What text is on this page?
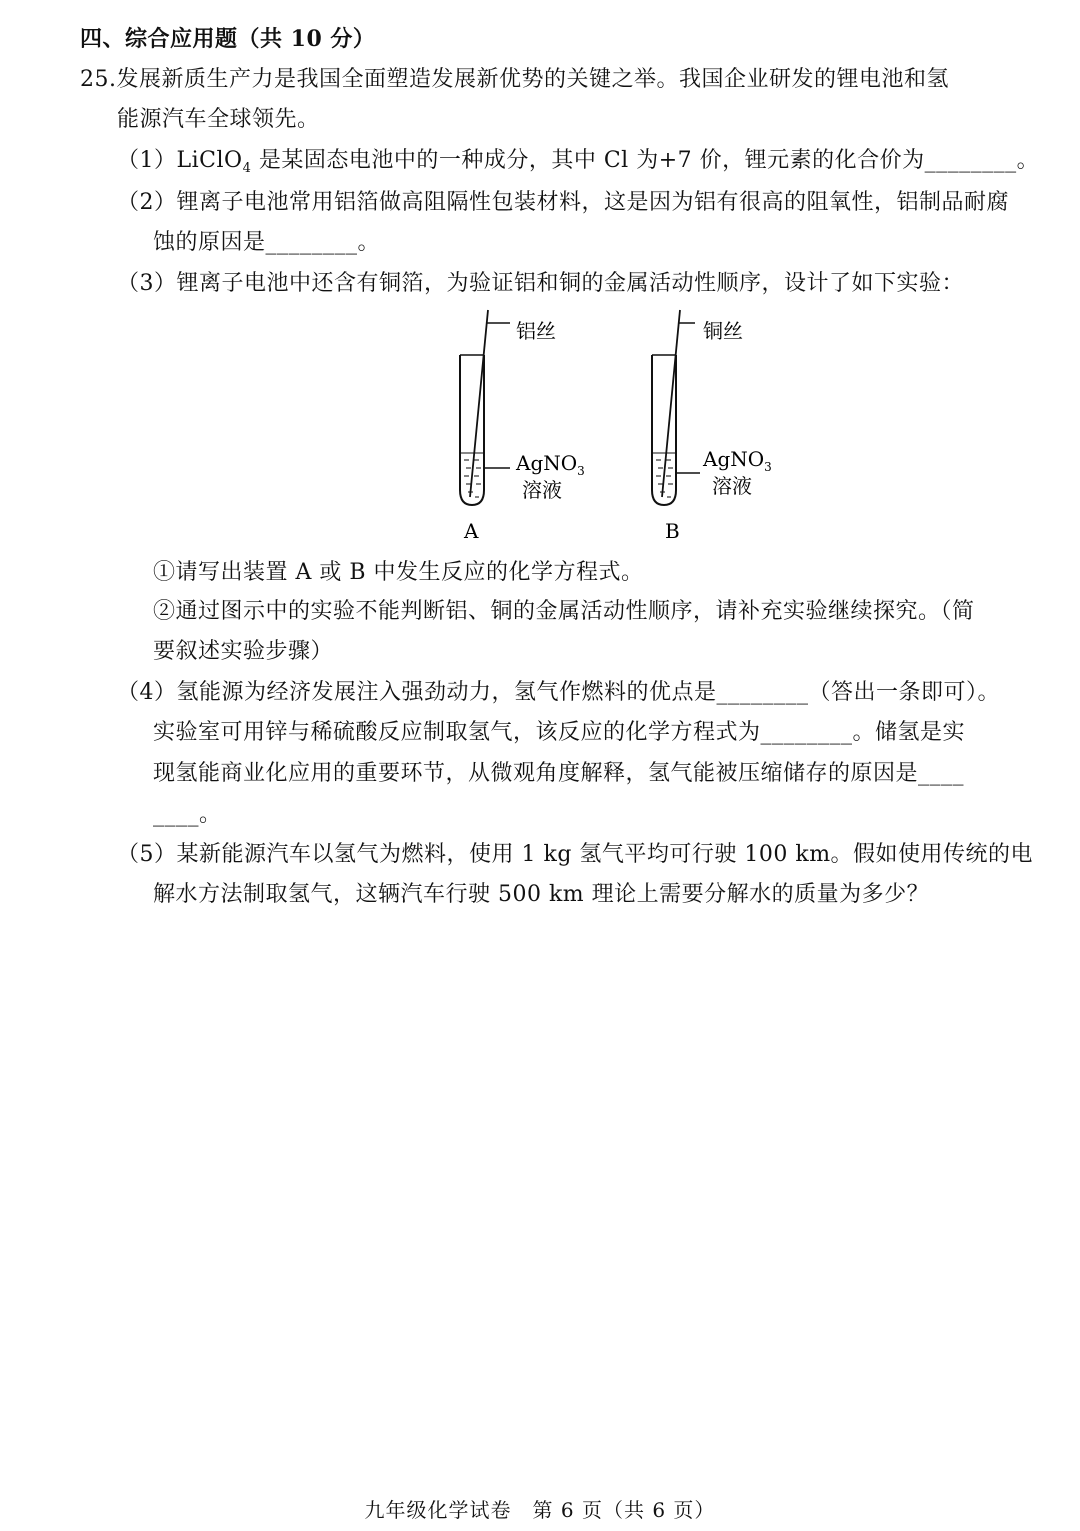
四、综合应用题（共 10 分）
25.发展新质生产力是我国全面塑造发展新优势的关键之举。我国企业研发的锂电池和氢
能源汽车全球领先。
（1）LiClO$_4$ 是某固态电池中的一种成分，其中 Cl 为+7 价，锂元素的化合价为________。
（2）锂离子电池常用铝箔做高阻隔性包装材料，这是因为铝有很高的阻氧性，铝制品耐腐
蚀的原因是________。
（3）锂离子电池中还含有铜箔，为验证铝和铜的金属活动性顺序，设计了如下实验：
铝丝
AgNO$_3$
溶液
A
铜丝
AgNO$_3$
溶液
B
①请写出装置 A 或 B 中发生反应的化学方程式。
②通过图示中的实验不能判断铝、铜的金属活动性顺序，请补充实验继续探究。（简
要叙述实验步骤）
（4）氢能源为经济发展注入强劲动力，氢气作燃料的优点是________（答出一条即可）。
实验室可用锌与稀硫酸反应制取氢气，该反应的化学方程式为________。储氢是实
现氢能商业化应用的重要环节，从微观角度解释，氢气能被压缩储存的原因是____
____。
（5）某新能源汽车以氢气为燃料，使用 1 kg 氢气平均可行驶 100 km。假如使用传统的电
解水方法制取氢气，这辆汽车行驶 500 km 理论上需要分解水的质量为多少？
九年级化学试卷　第 6 页（共 6 页）
